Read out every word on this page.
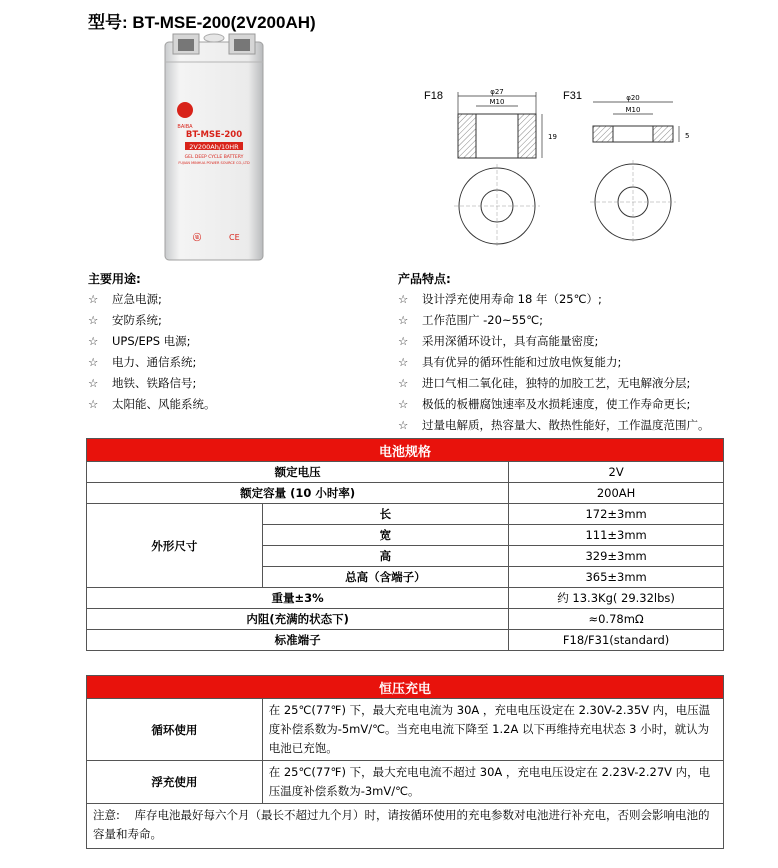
型号: BT-MSE-200(2V200AH)
BAIBA
BT-MSE-200
2V200Ah/10HR
GEL DEEP CYCLE BATTERY
FUJIAN MINHUA POWER SOURCE CO.,LTD
ⓤ	CE
F18	φ27
M10
19
F31	φ20
M10
5
主要用途:
☆	应急电源;
☆	安防系统;
☆	UPS/EPS 电源;
☆	电力、通信系统;
☆	地铁、铁路信号;
☆	太阳能、风能系统。
产品特点:
☆	设计浮充使用寿命 18 年（25℃）;
☆	工作范围广 -20~55℃;
☆	采用深循环设计，具有高能量密度;
☆	具有优异的循环性能和过放电恢复能力;
☆	进口气相二氧化硅，独特的加胶工艺，无电解液分层;
☆	极低的板栅腐蚀速率及水损耗速度，使工作寿命更长;
☆	过量电解质，热容量大、散热性能好，工作温度范围广。
电池规格		
额定电压		2V
额定容量 (10 小时率)		200AH
外形尺寸	长	172±3mm
	宽	111±3mm
	高	329±3mm
	总高（含端子）	365±3mm
重量±3%		约 13.3Kg( 29.32lbs)
内阻(充满的状态下)		≈0.78mΩ
标准端子		F18/F31(standard)
恒压充电	
循环使用	在 25℃(77℉) 下，最大充电电流为 30A ，充电电压设定在 2.30V-2.35V 内，电压温度补偿系数为-5mV/℃。当充电电流下降至 1.2A 以下再维持充电状态 3 小时，就认为电池已充饱。
浮充使用	在 25℃(77℉) 下，最大充电电流不超过 30A ，充电电压设定在 2.23V-2.27V 内，电压温度补偿系数为-3mV/℃。
注意: 库存电池最好每六个月（最长不超过九个月）时，请按循环使用的充电参数对电池进行补充电，否则会影响电池的容量和寿命。	
